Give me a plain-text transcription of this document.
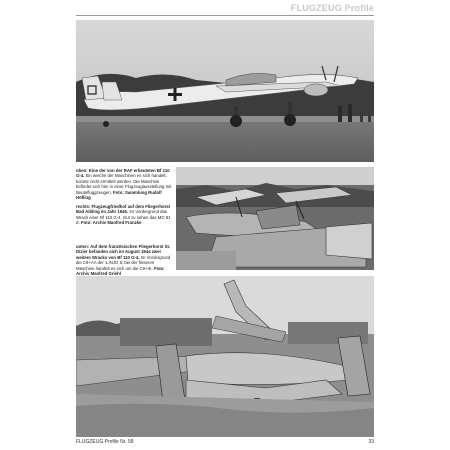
FLUGZEUG Profile
oben: Eine der von der RAF erbeuteten Bf 110 G-4. Ein weiche der Maschinen es sich handelt, konnte nicht ermittelt werden. Die Maschine befindet sich hier in einer Flugzeugausstellung mit Beutefluggzeugen. Foto: Sammlung Rudolf Höfling
rechts: Flugzeugfriedhof auf dem Fliegerhorst Bad Aibling im Jahr 1945. Im Vordergrund das Wrack einer Bf 110 G-4. Gut zu sehen das MG 81 Z. Foto: Archiv Manfred Franzke
unten: Auf dem französischen Fliegerhorst St. Dizier befanden sich im August 1944 zwei weitere Wracks von Bf 110 G-4. Im Vordergrund die C9+AA der 1./NJG 5; bei der hinteren Maschine handelt es sich um die C9+IK. Foto: Archiv Manfred Griehl
FLUGZEUG Profile Nr. 58	33
